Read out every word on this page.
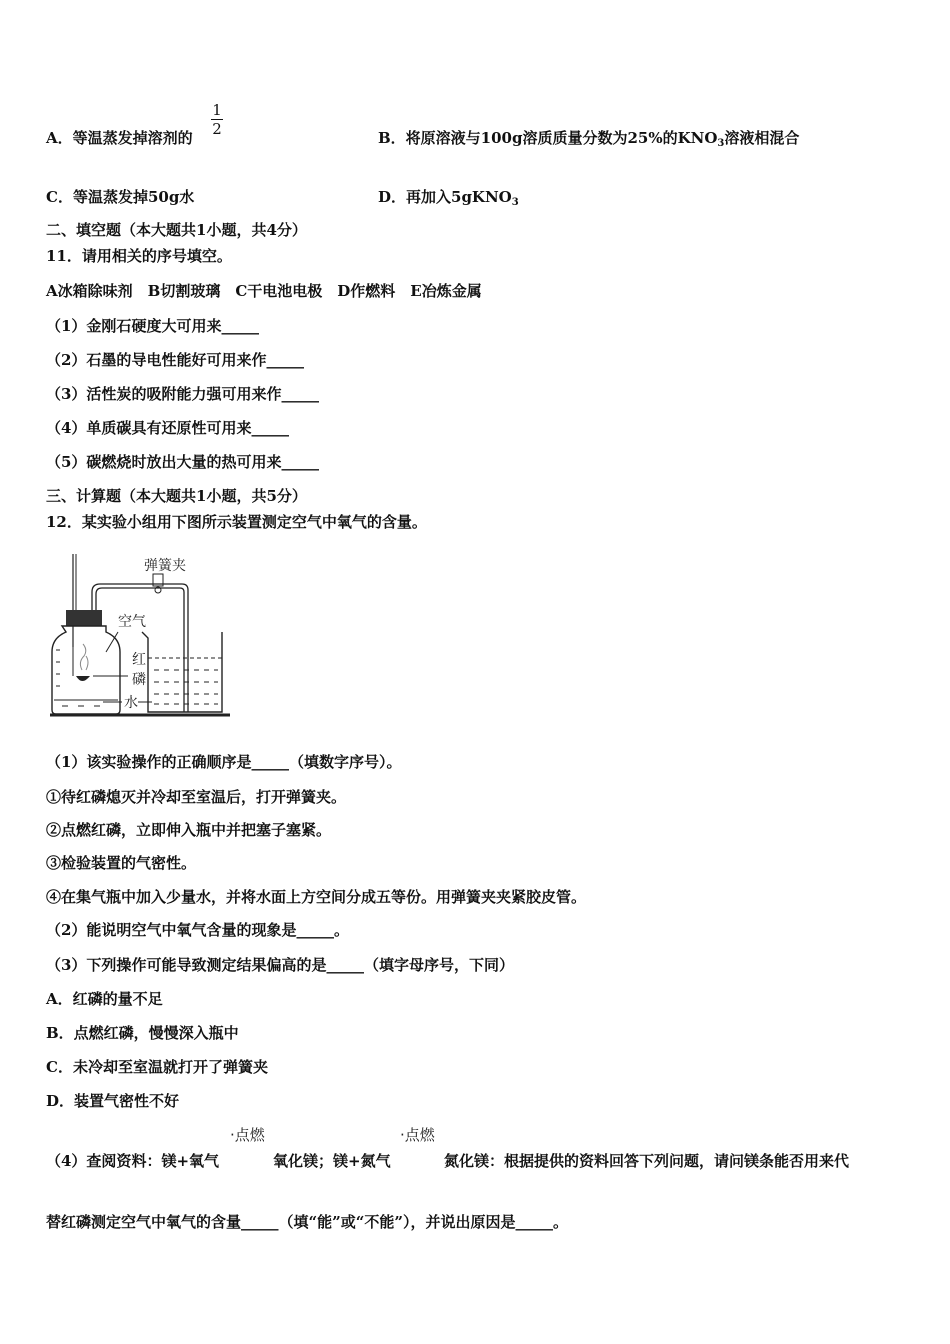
A．等温蒸发掉溶剂的
1
2	B．将原溶液与100g溶质质量分数为25%的$KNO_3$溶液相混合
C．等温蒸发掉50g水	D．再加入5gKNO$_3$
二、填空题（本大题共1小题，共4分）
11．请用相关的序号填空。
A冰箱除味剂　B切割玻璃　C干电池电极　D作燃料　E冶炼金属
（1）金刚石硬度大可用来_____
（2）石墨的导电性能好可用来作_____
（3）活性炭的吸附能力强可用来作_____
（4）单质碳具有还原性可用来_____
（5）碳燃烧时放出大量的热可用来_____
三、计算题（本大题共1小题，共5分）
12．某实验小组用下图所示装置测定空气中氧气的含量。
弹簧夹
空气
红
磷
水
（1）该实验操作的正确顺序是_____（填数字序号）。
①待红磷熄灭并冷却至室温后，打开弹簧夹。
②点燃红磷，立即伸入瓶中并把塞子塞紧。
③检验装置的气密性。
④在集气瓶中加入少量水，并将水面上方空间分成五等份。用弹簧夹夹紧胶皮管。
（2）能说明空气中氧气含量的现象是_____。
（3）下列操作可能导致测定结果偏高的是_____（填字母序号，下同）
A．红磷的量不足
B．点燃红磷，慢慢深入瓶中
C．未冷却至室温就打开了弹簧夹
D．装置气密性不好
·点燃	·点燃
（4）查阅资料：镁+氧气	氧化镁；镁+氮气	氮化镁：根据提供的资料回答下列问题，请问镁条能否用来代
替红磷测定空气中氧气的含量_____（填“能”或“不能”），并说出原因是_____。
